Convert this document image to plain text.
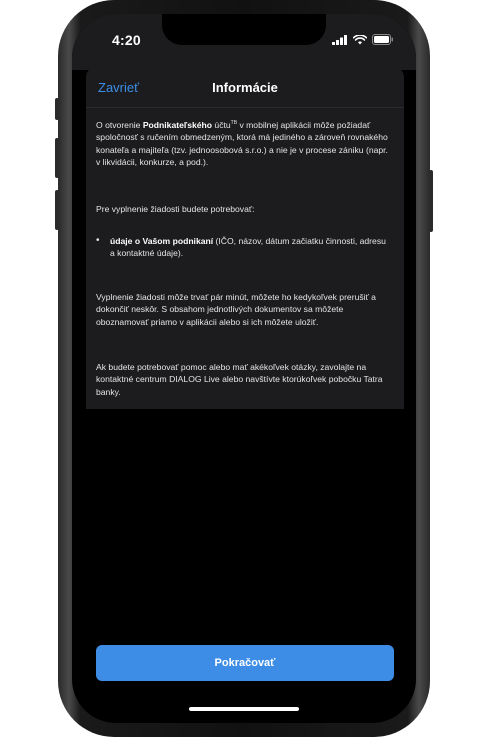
4:20
Zavrieť	Informácie

O otvorenie Podnikateľského účtu$^{TB}$ v mobilnej aplikácii môže požiadať spoločnosť s ručením obmedzeným, ktorá má jediného a zároveň rovnakého konateľa a majiteľa (tzv. jednoosobová s.r.o.) a nie je v procese zániku (napr. v likvidácii, konkurze, a pod.).

Pre vyplnenie žiadosti budete potrebovať:

•	údaje o Vašom podnikaní (IČO, názov, dátum začiatku činnosti, adresu a kontaktné údaje).

Vyplnenie žiadosti môže trvať pár minút, môžete ho kedykoľvek prerušiť a dokončiť neskôr. S obsahom jednotlivých dokumentov sa môžete oboznamovať priamo v aplikácii alebo si ich môžete uložiť.

Ak budete potrebovať pomoc alebo mať akékoľvek otázky, zavolajte na kontaktné centrum DIALOG Live alebo navštívte ktorúkoľvek pobočku Tatra banky.

Pokračovať
